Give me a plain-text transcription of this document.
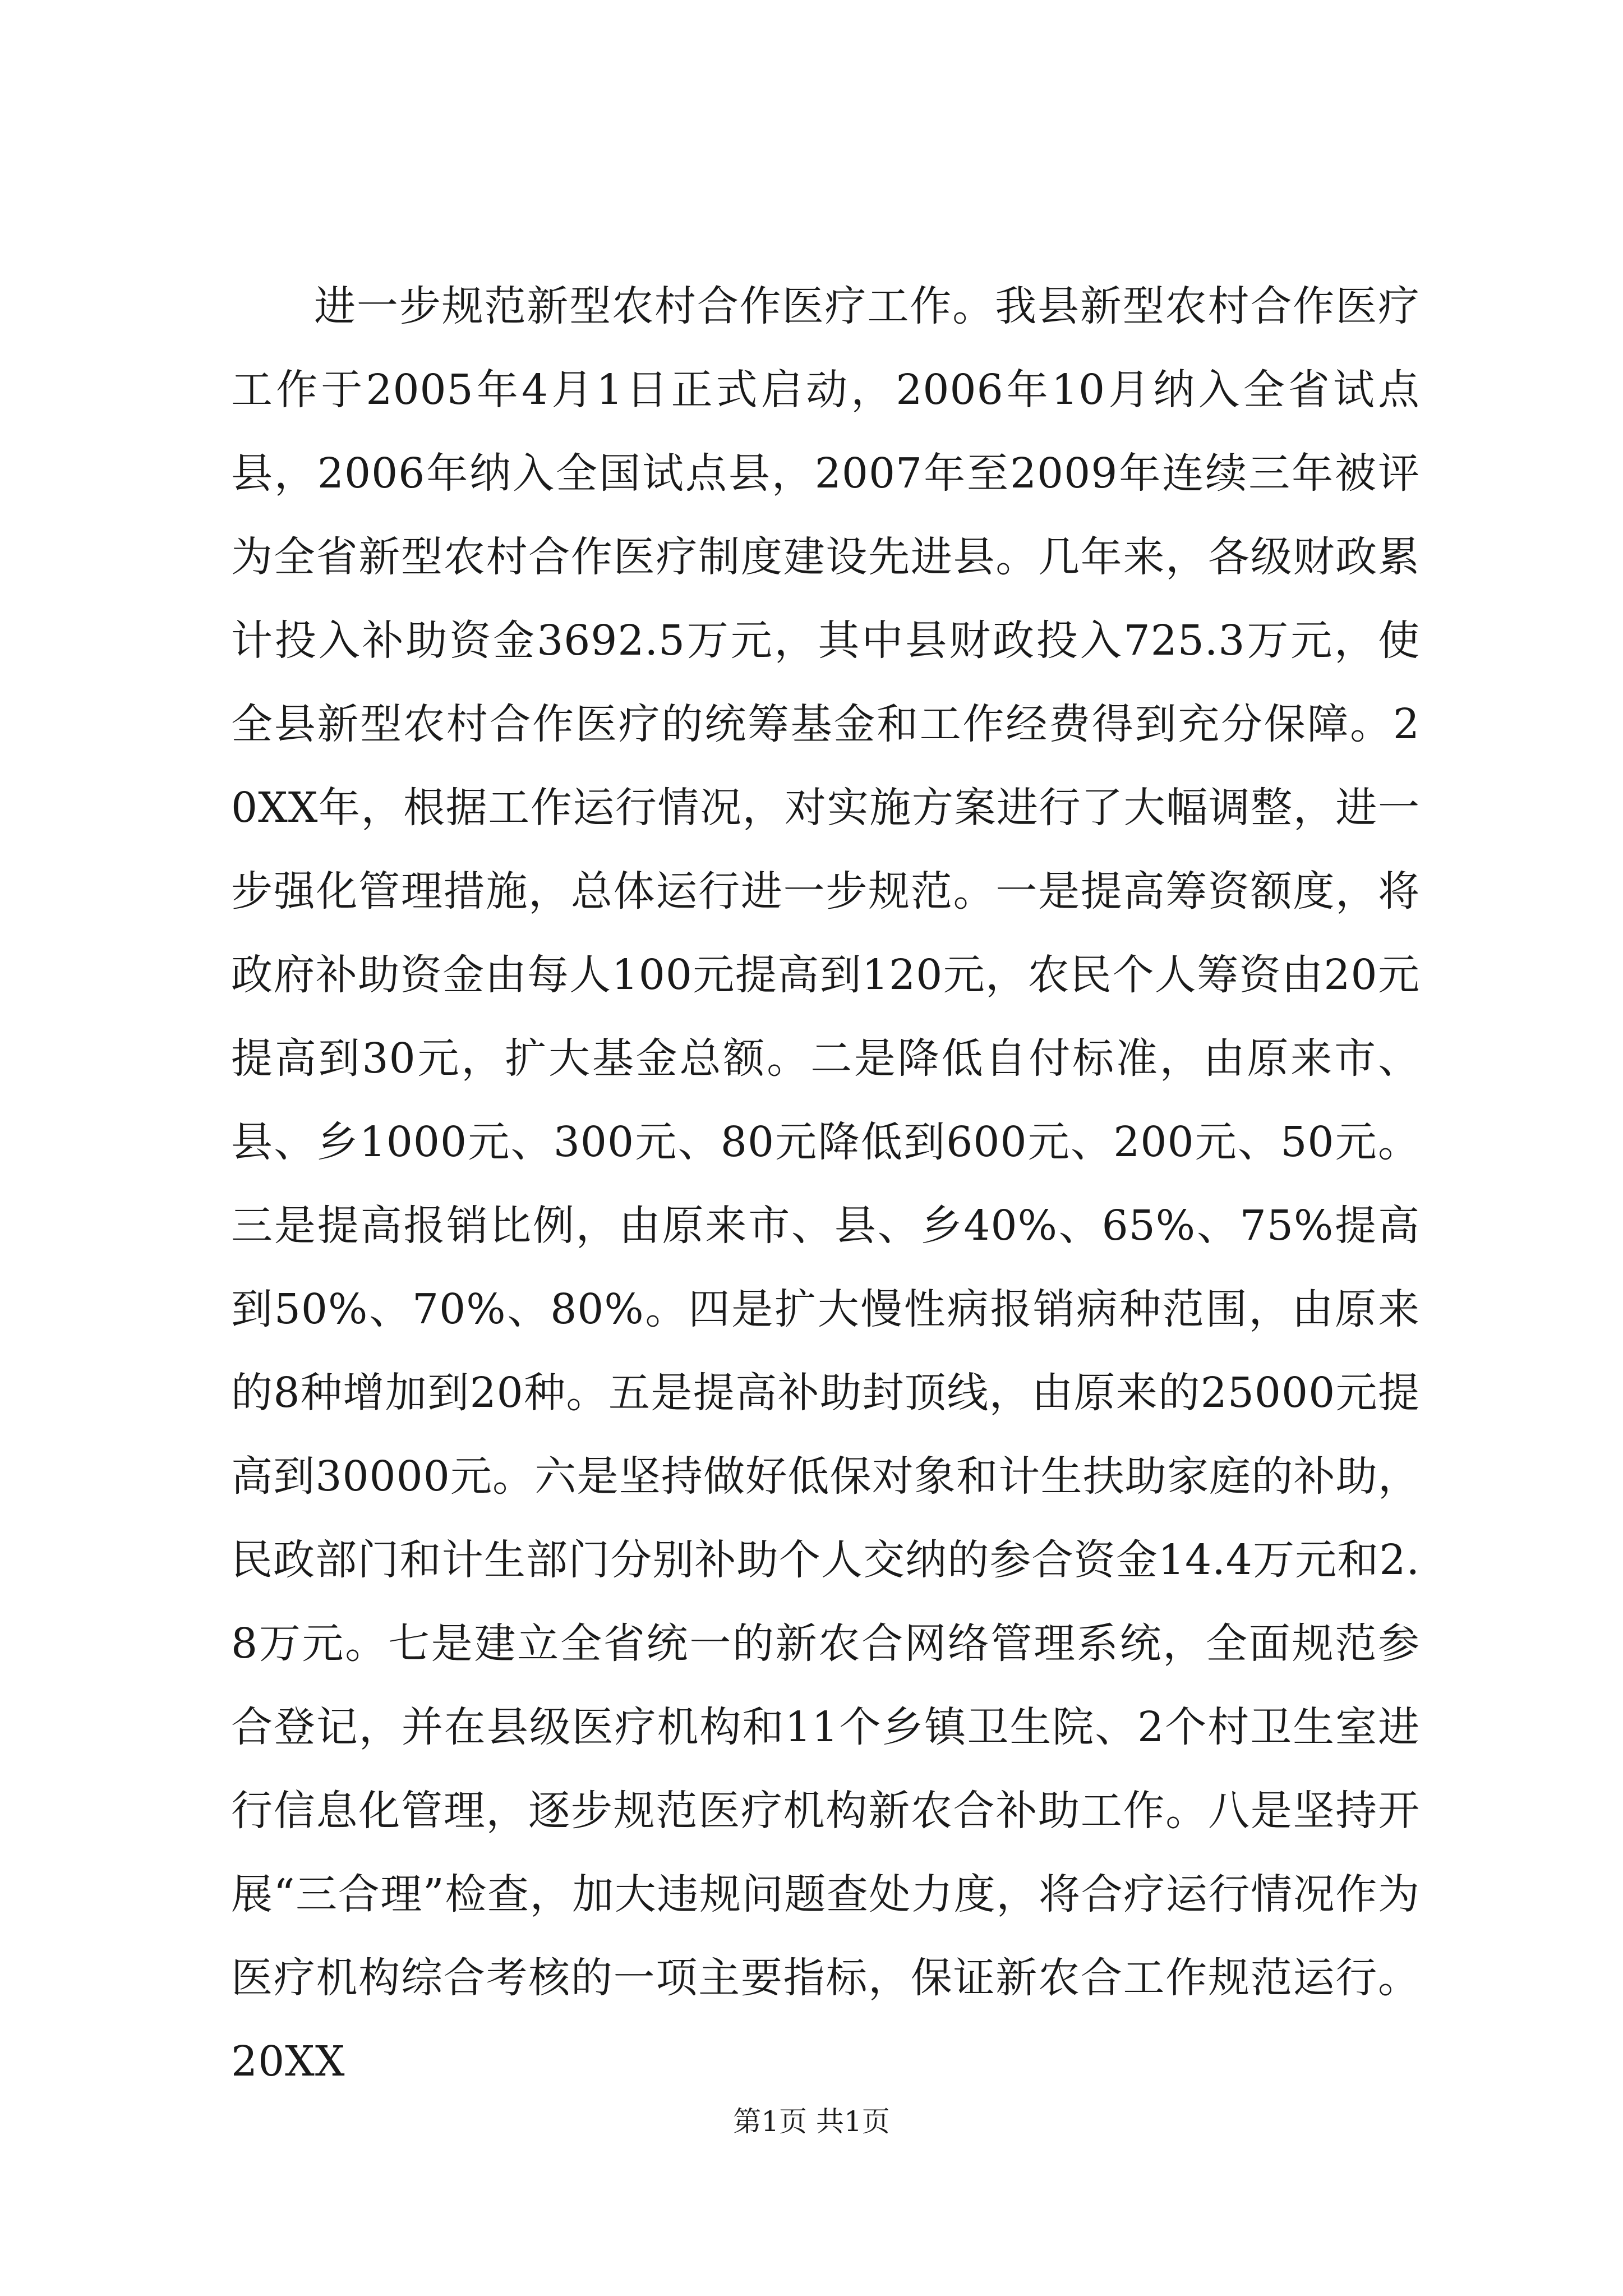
进一步规范新型农村合作医疗工作。我县新型农村合作医疗工作于2005年4月1日正式启动，2006年10月纳入全省试点县，2006年纳入全国试点县，2007年至2009年连续三年被评为全省新型农村合作医疗制度建设先进县。几年来，各级财政累计投入补助资金3692.5万元，其中县财政投入725.3万元，使全县新型农村合作医疗的统筹基金和工作经费得到充分保障。20XX年，根据工作运行情况，对实施方案进行了大幅调整，进一步强化管理措施，总体运行进一步规范。一是提高筹资额度，将政府补助资金由每人100元提高到120元，农民个人筹资由20元提高到30元，扩大基金总额。二是降低自付标准，由原来市、县、乡1000元、300元、80元降低到600元、200元、50元。三是提高报销比例，由原来市、县、乡40%、65%、75%提高到50%、70%、80%。四是扩大慢性病报销病种范围，由原来的8种增加到20种。五是提高补助封顶线，由原来的25000元提高到30000元。六是坚持做好低保对象和计生扶助家庭的补助，民政部门和计生部门分别补助个人交纳的参合资金14.4万元和2.8万元。七是建立全省统一的新农合网络管理系统，全面规范参合登记，并在县级医疗机构和11个乡镇卫生院、2个村卫生室进行信息化管理，逐步规范医疗机构新农合补助工作。八是坚持开展“三合理”检查，加大违规问题查处力度，将合疗运行情况作为医疗机构综合考核的一项主要指标，保证新农合工作规范运行。20XX

第1页 共1页
